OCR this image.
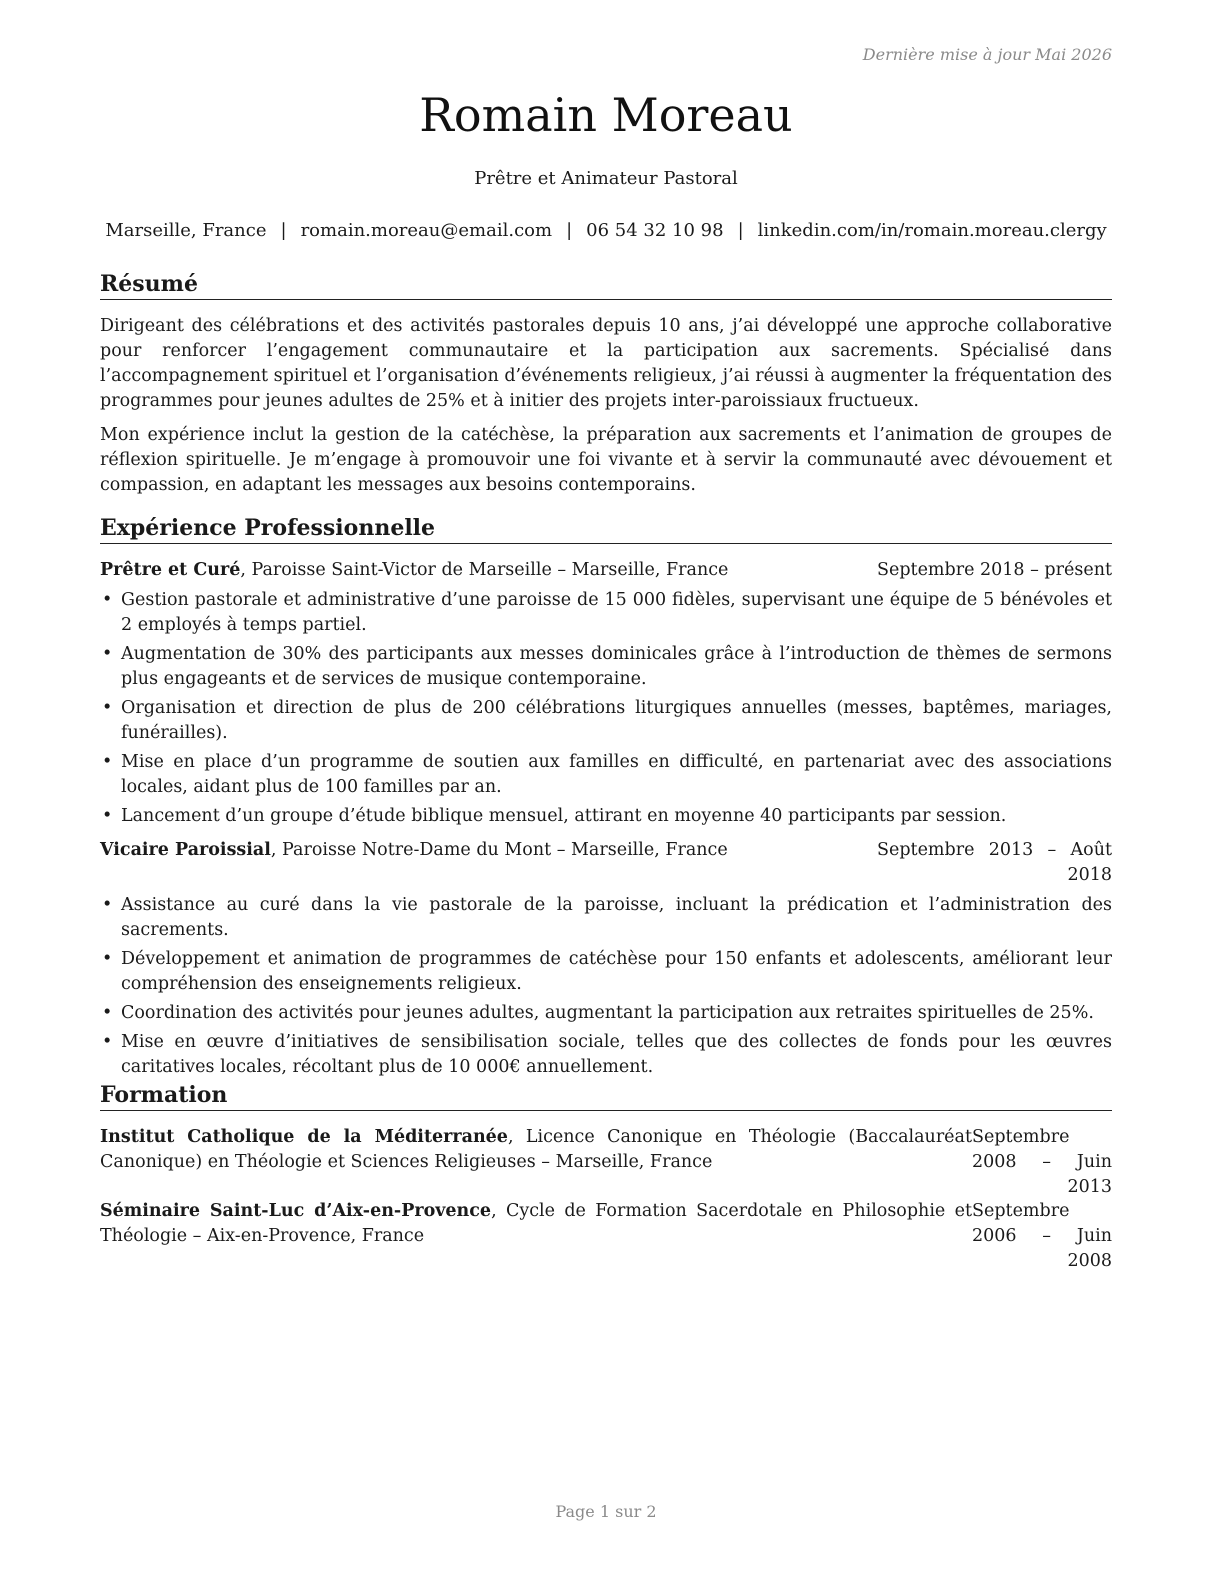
Dernière mise à jour Mai 2026
Romain Moreau
Prêtre et Animateur Pastoral
Marseille, France | romain.moreau@email.com | 06 54 32 10 98 | linkedin.com/in/romain.moreau.clergy
Résumé
Dirigeant des célébrations et des activités pastorales depuis 10 ans, j’ai développé une approche collaborative pour renforcer l’engagement communautaire et la participation aux sacrements. Spécialisé dans l’accompagnement spirituel et l’organisation d’événements religieux, j’ai réussi à augmenter la fréquentation des programmes pour jeunes adultes de 25% et à initier des projets inter-paroissiaux fructueux.
Mon expérience inclut la gestion de la catéchèse, la préparation aux sacrements et l’animation de groupes de réflexion spirituelle. Je m’engage à promouvoir une foi vivante et à servir la communauté avec dévouement et compassion, en adaptant les messages aux besoins contemporains.
Expérience Professionnelle
Prêtre et Curé, Paroisse Saint-Victor de Marseille – Marseille, France	Septembre 2018 – présent
• Gestion pastorale et administrative d’une paroisse de 15 000 fidèles, supervisant une équipe de 5 bénévoles et 2 employés à temps partiel.
• Augmentation de 30% des participants aux messes dominicales grâce à l’introduction de thèmes de sermons plus engageants et de services de musique contemporaine.
• Organisation et direction de plus de 200 célébrations liturgiques annuelles (messes, baptêmes, mariages, funérailles).
• Mise en place d’un programme de soutien aux familles en difficulté, en partenariat avec des associations locales, aidant plus de 100 familles par an.
• Lancement d’un groupe d’étude biblique mensuel, attirant en moyenne 40 participants par session.
Vicaire Paroissial, Paroisse Notre-Dame du Mont – Marseille, France	Septembre 2013 – Août 2018
• Assistance au curé dans la vie pastorale de la paroisse, incluant la prédication et l’administration des sacrements.
• Développement et animation de programmes de catéchèse pour 150 enfants et adolescents, améliorant leur compréhension des enseignements religieux.
• Coordination des activités pour jeunes adultes, augmentant la participation aux retraites spirituelles de 25%.
• Mise en œuvre d’initiatives de sensibilisation sociale, telles que des collectes de fonds pour les œuvres caritatives locales, récoltant plus de 10 000€ annuellement.
Formation
Institut Catholique de la Méditerranée, Licence Canonique en Théologie (Baccalauréat Canonique) en Théologie et Sciences Religieuses – Marseille, France
Septembre 2008 – Juin 2013
Séminaire Saint-Luc d’Aix-en-Provence, Cycle de Formation Sacerdotale en Philosophie et Théologie – Aix-en-Provence, France
Septembre 2006 – Juin 2008
Page 1 sur 2
